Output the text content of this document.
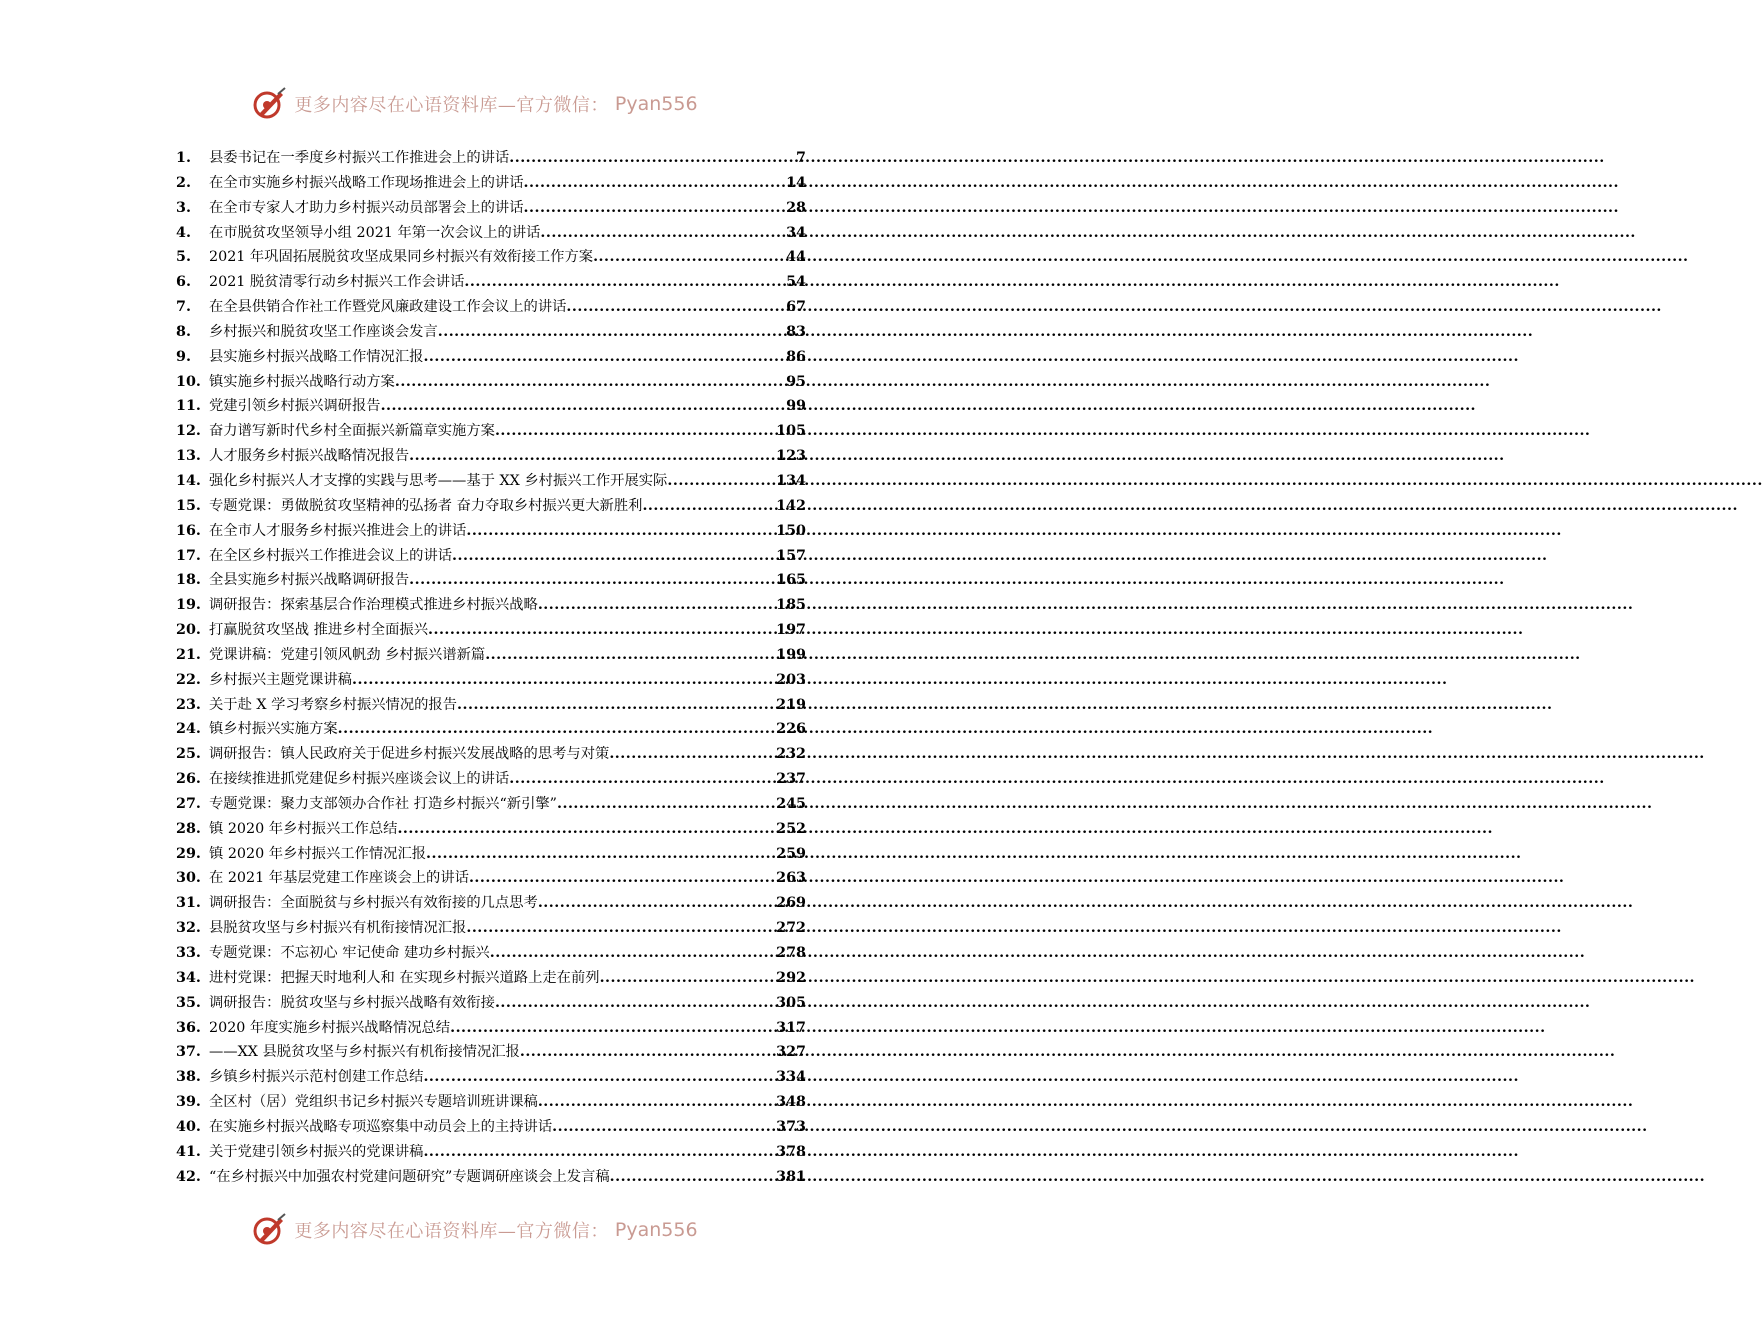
更多内容尽在心语资料库—官方微信： Pyan556
1.	县委书记在一季度乡村振兴工作推进会上的讲话 .....	7
2.	在全市实施乡村振兴战略工作现场推进会上的讲话 .....	14
3.	在全市专家人才助力乡村振兴动员部署会上的讲话 .....	28
4.	在市脱贫攻坚领导小组 2021 年第一次会议上的讲话 .....	34
5.	2021 年巩固拓展脱贫攻坚成果同乡村振兴有效衔接工作方案 .....	44
6.	2021 脱贫清零行动乡村振兴工作会讲话 .....	54
7.	在全县供销合作社工作暨党风廉政建设工作会议上的讲话 .....	67
8.	乡村振兴和脱贫攻坚工作座谈会发言 .....	83
9.	县实施乡村振兴战略工作情况汇报 .....	86
10. 镇实施乡村振兴战略行动方案 .....	95
11. 党建引领乡村振兴调研报告 .....	99
12. 奋力谱写新时代乡村全面振兴新篇章实施方案 .....	105
13. 人才服务乡村振兴战略情况报告 .....	123
14. 强化乡村振兴人才支撑的实践与思考——基于 XX 乡村振兴工作开展实际 .....	134
15. 专题党课：勇做脱贫攻坚精神的弘扬者 奋力夺取乡村振兴更大新胜利 .....	142
16. 在全市人才服务乡村振兴推进会上的讲话 .....	150
17. 在全区乡村振兴工作推进会议上的讲话 .....	157
18. 全县实施乡村振兴战略调研报告 .....	165
19. 调研报告：探索基层合作治理模式推进乡村振兴战略 .....	185
20. 打赢脱贫攻坚战 推进乡村全面振兴 .....	197
21. 党课讲稿：党建引领风帆劲 乡村振兴谱新篇 .....	199
22. 乡村振兴主题党课讲稿 .....	203
23. 关于赴 X 学习考察乡村振兴情况的报告 .....	219
24. 镇乡村振兴实施方案 .....	226
25. 调研报告：镇人民政府关于促进乡村振兴发展战略的思考与对策 .....	232
26. 在接续推进抓党建促乡村振兴座谈会议上的讲话 .....	237
27. 专题党课：聚力支部领办合作社 打造乡村振兴“新引擎” .....	245
28. 镇 2020 年乡村振兴工作总结 .....	252
29. 镇 2020 年乡村振兴工作情况汇报 .....	259
30. 在 2021 年基层党建工作座谈会上的讲话 .....	263
31. 调研报告：全面脱贫与乡村振兴有效衔接的几点思考 .....	269
32. 县脱贫攻坚与乡村振兴有机衔接情况汇报 .....	272
33. 专题党课：不忘初心 牢记使命 建功乡村振兴 .....	278
34. 进村党课：把握天时地利人和 在实现乡村振兴道路上走在前列 .....	292
35. 调研报告：脱贫攻坚与乡村振兴战略有效衔接 .....	305
36. 2020 年度实施乡村振兴战略情况总结 .....	317
37. ——XX 县脱贫攻坚与乡村振兴有机衔接情况汇报 .....	327
38. 乡镇乡村振兴示范村创建工作总结 .....	334
39. 全区村（居）党组织书记乡村振兴专题培训班讲课稿 .....	348
40. 在实施乡村振兴战略专项巡察集中动员会上的主持讲话 .....	373
41. 关于党建引领乡村振兴的党课讲稿 .....	378
42. “在乡村振兴中加强农村党建问题研究”专题调研座谈会上发言稿 .....	381
更多内容尽在心语资料库—官方微信： Pyan556
